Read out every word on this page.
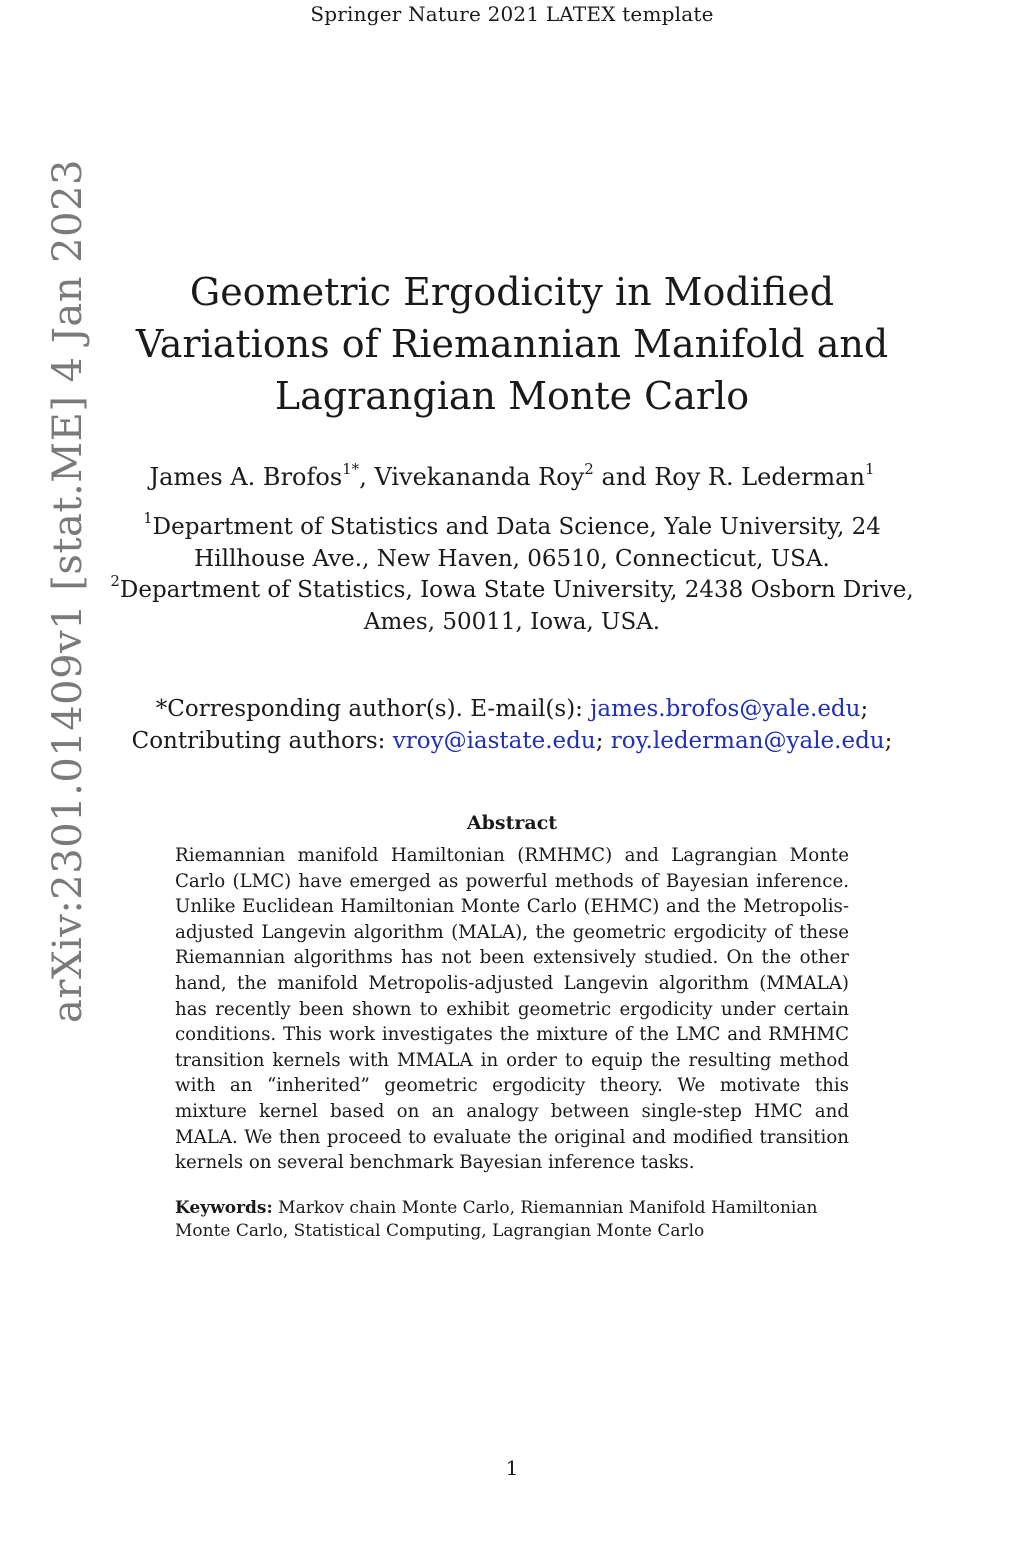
Springer Nature 2021 LATEX template
arXiv:2301.01409v1 [stat.ME] 4 Jan 2023	Geometric Ergodicity in Modified Variations of Riemannian Manifold and Lagrangian Monte Carlo
James A. Brofos$^{1*}$, Vivekananda Roy$^2$ and Roy R. Lederman$^1$
$^1$Department of Statistics and Data Science, Yale University, 24 Hillhouse Ave., New Haven, 06510, Connecticut, USA.
$^2$Department of Statistics, Iowa State University, 2438 Osborn Drive, Ames, 50011, Iowa, USA.
*Corresponding author(s). E-mail(s): james.brofos@yale.edu;
Contributing authors: vroy@iastate.edu; roy.lederman@yale.edu;
Abstract

Riemannian manifold Hamiltonian (RMHMC) and Lagrangian Monte Carlo (LMC) have emerged as powerful methods of Bayesian inference. Unlike Euclidean Hamiltonian Monte Carlo (EHMC) and the Metropolis-adjusted Langevin algorithm (MALA), the geometric ergodicity of these Riemannian algorithms has not been extensively studied. On the other hand, the manifold Metropolis-adjusted Langevin algorithm (MMALA) has recently been shown to exhibit geometric ergodicity under certain conditions. This work investigates the mixture of the LMC and RMHMC transition kernels with MMALA in order to equip the resulting method with an “inherited” geometric ergodicity theory. We motivate this mixture kernel based on an analogy between single-step HMC and MALA. We then proceed to evaluate the original and modified transition kernels on several benchmark Bayesian inference tasks.

Keywords: Markov chain Monte Carlo, Riemannian Manifold Hamiltonian Monte Carlo, Statistical Computing, Lagrangian Monte Carlo
1
